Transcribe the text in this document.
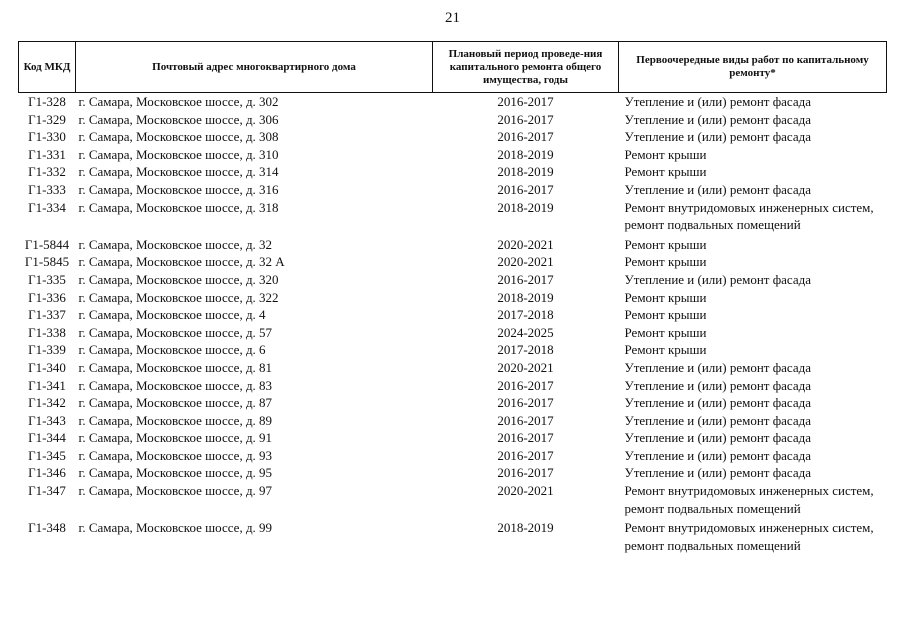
21
Код МКД	Почтовый адрес многоквартирного дома	Плановый период проведе-ния капитального ремонта общего имущества, годы	Первоочередные виды работ по капитальному ремонту*
Г1-328	г. Самара, Московское шоссе, д. 302	2016-2017	Утепление и (или) ремонт фасада
Г1-329	г. Самара, Московское шоссе, д. 306	2016-2017	Утепление и (или) ремонт фасада
Г1-330	г. Самара, Московское шоссе, д. 308	2016-2017	Утепление и (или) ремонт фасада
Г1-331	г. Самара, Московское шоссе, д. 310	2018-2019	Ремонт крыши
Г1-332	г. Самара, Московское шоссе, д. 314	2018-2019	Ремонт крыши
Г1-333	г. Самара, Московское шоссе, д. 316	2016-2017	Утепление и (или) ремонт фасада
Г1-334	г. Самара, Московское шоссе, д. 318	2018-2019	Ремонт внутридомовых инженерных систем, ремонт подвальных помещений
Г1-5844	г. Самара, Московское шоссе, д. 32	2020-2021	Ремонт крыши
Г1-5845	г. Самара, Московское шоссе, д. 32 А	2020-2021	Ремонт крыши
Г1-335	г. Самара, Московское шоссе, д. 320	2016-2017	Утепление и (или) ремонт фасада
Г1-336	г. Самара, Московское шоссе, д. 322	2018-2019	Ремонт крыши
Г1-337	г. Самара, Московское шоссе, д. 4	2017-2018	Ремонт крыши
Г1-338	г. Самара, Московское шоссе, д. 57	2024-2025	Ремонт крыши
Г1-339	г. Самара, Московское шоссе, д. 6	2017-2018	Ремонт крыши
Г1-340	г. Самара, Московское шоссе, д. 81	2020-2021	Утепление и (или) ремонт фасада
Г1-341	г. Самара, Московское шоссе, д. 83	2016-2017	Утепление и (или) ремонт фасада
Г1-342	г. Самара, Московское шоссе, д. 87	2016-2017	Утепление и (или) ремонт фасада
Г1-343	г. Самара, Московское шоссе, д. 89	2016-2017	Утепление и (или) ремонт фасада
Г1-344	г. Самара, Московское шоссе, д. 91	2016-2017	Утепление и (или) ремонт фасада
Г1-345	г. Самара, Московское шоссе, д. 93	2016-2017	Утепление и (или) ремонт фасада
Г1-346	г. Самара, Московское шоссе, д. 95	2016-2017	Утепление и (или) ремонт фасада
Г1-347	г. Самара, Московское шоссе, д. 97	2020-2021	Ремонт внутридомовых инженерных систем, ремонт подвальных помещений
Г1-348	г. Самара, Московское шоссе, д. 99	2018-2019	Ремонт внутридомовых инженерных систем, ремонт подвальных помещений
